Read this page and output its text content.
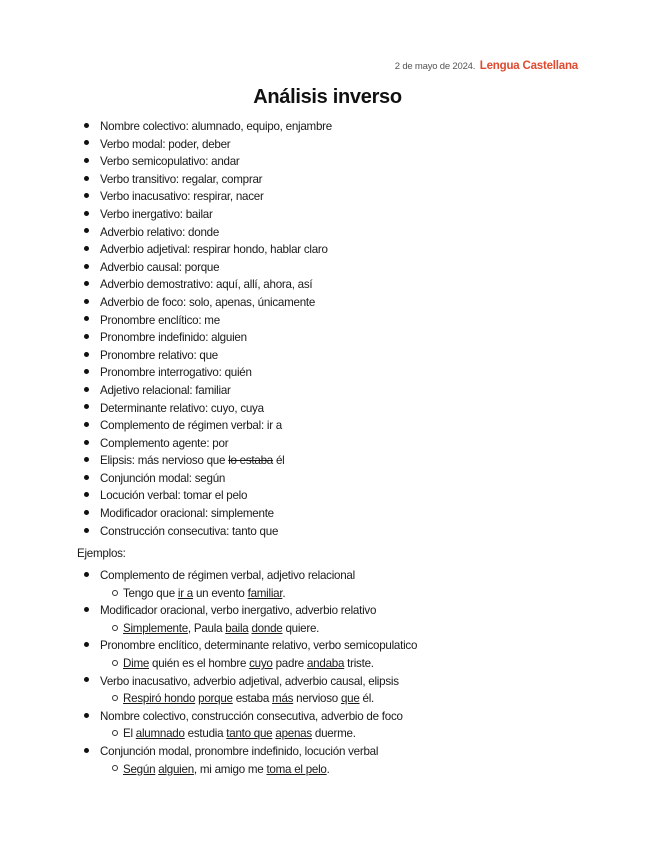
2 de mayo de 2024. Lengua Castellana
Análisis inverso
Nombre colectivo: alumnado, equipo, enjambre
Verbo modal: poder, deber
Verbo semicopulativo: andar
Verbo transitivo: regalar, comprar
Verbo inacusativo: respirar, nacer
Verbo inergativo: bailar
Adverbio relativo: donde
Adverbio adjetival: respirar hondo, hablar claro
Adverbio causal: porque
Adverbio demostrativo: aquí, allí, ahora, así
Adverbio de foco: solo, apenas, únicamente
Pronombre enclítico: me
Pronombre indefinido: alguien
Pronombre relativo: que
Pronombre interrogativo: quién
Adjetivo relacional: familiar
Determinante relativo: cuyo, cuya
Complemento de régimen verbal: ir a
Complemento agente: por
Elipsis: más nervioso que lo estaba él
Conjunción modal: según
Locución verbal: tomar el pelo
Modificador oracional: simplemente
Construcción consecutiva: tanto que
Ejemplos:
Complemento de régimen verbal, adjetivo relacional
Tengo que ir a un evento familiar.
Modificador oracional, verbo inergativo, adverbio relativo
Simplemente, Paula baila donde quiere.
Pronombre enclítico, determinante relativo, verbo semicopulatico
Dime quién es el hombre cuyo padre andaba triste.
Verbo inacusativo, adverbio adjetival, adverbio causal, elipsis
Respiró hondo porque estaba más nervioso que él.
Nombre colectivo, construcción consecutiva, adverbio de foco
El alumnado estudia tanto que apenas duerme.
Conjunción modal, pronombre indefinido, locución verbal
Según alguien, mi amigo me toma el pelo.
